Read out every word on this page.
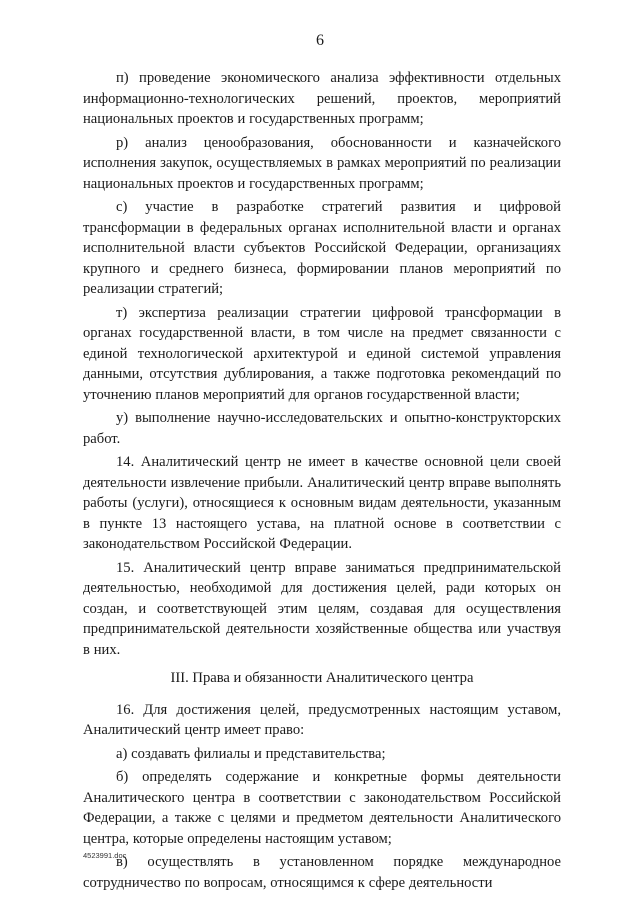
6

п) проведение экономического анализа эффективности отдельных информационно-технологических решений, проектов, мероприятий национальных проектов и государственных программ;

р) анализ ценообразования, обоснованности и казначейского исполнения закупок, осуществляемых в рамках мероприятий по реализации национальных проектов и государственных программ;

с) участие в разработке стратегий развития и цифровой трансформации в федеральных органах исполнительной власти и органах исполнительной власти субъектов Российской Федерации, организациях крупного и среднего бизнеса, формировании планов мероприятий по реализации стратегий;

т) экспертиза реализации стратегии цифровой трансформации в органах государственной власти, в том числе на предмет связанности с единой технологической архитектурой и единой системой управления данными, отсутствия дублирования, а также подготовка рекомендаций по уточнению планов мероприятий для органов государственной власти;

у) выполнение научно-исследовательских и опытно-конструкторских работ.

14. Аналитический центр не имеет в качестве основной цели своей деятельности извлечение прибыли. Аналитический центр вправе выполнять работы (услуги), относящиеся к основным видам деятельности, указанным в пункте 13 настоящего устава, на платной основе в соответствии с законодательством Российской Федерации.

15. Аналитический центр вправе заниматься предпринимательской деятельностью, необходимой для достижения целей, ради которых он создан, и соответствующей этим целям, создавая для осуществления предпринимательской деятельности хозяйственные общества или участвуя в них.

III. Права и обязанности Аналитического центра

16. Для достижения целей, предусмотренных настоящим уставом, Аналитический центр имеет право:

а) создавать филиалы и представительства;

б) определять содержание и конкретные формы деятельности Аналитического центра в соответствии с законодательством Российской Федерации, а также с целями и предметом деятельности Аналитического центра, которые определены настоящим уставом;

в) осуществлять в установленном порядке международное сотрудничество по вопросам, относящимся к сфере деятельности

4523991.doc
